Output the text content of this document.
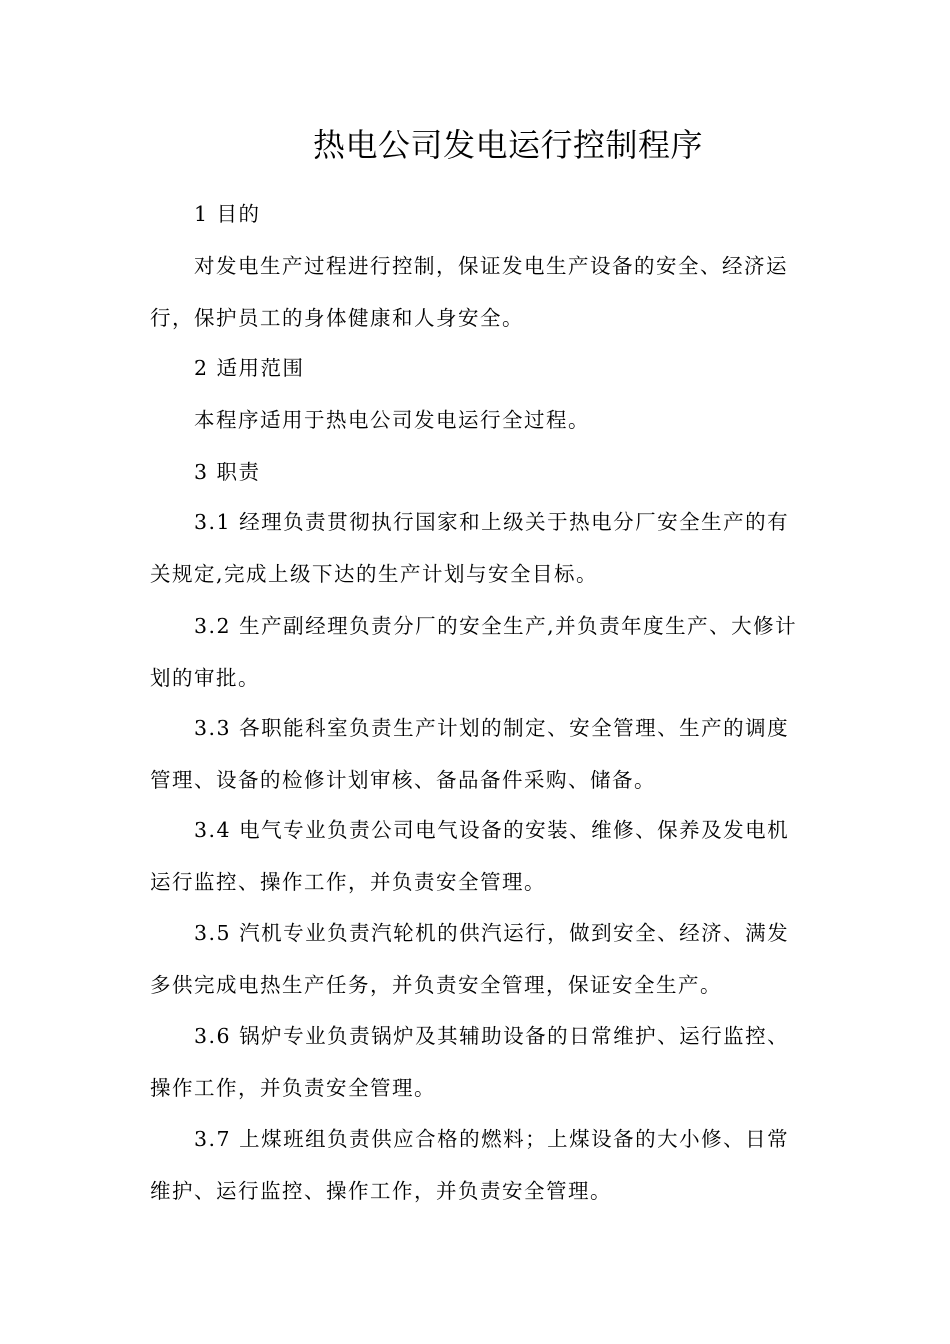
热电公司发电运行控制程序
1 目的
对发电生产过程进行控制，保证发电生产设备的安全、经济运
行，保护员工的身体健康和人身安全。
2 适用范围
本程序适用于热电公司发电运行全过程。
3 职责
3.1 经理负责贯彻执行国家和上级关于热电分厂安全生产的有
关规定,完成上级下达的生产计划与安全目标。
3.2 生产副经理负责分厂的安全生产,并负责年度生产、大修计
划的审批。
3.3 各职能科室负责生产计划的制定、安全管理、生产的调度
管理、设备的检修计划审核、备品备件采购、储备。
3.4 电气专业负责公司电气设备的安装、维修、保养及发电机
运行监控、操作工作，并负责安全管理。
3.5 汽机专业负责汽轮机的供汽运行，做到安全、经济、满发
多供完成电热生产任务，并负责安全管理，保证安全生产。
3.6 锅炉专业负责锅炉及其辅助设备的日常维护、运行监控、
操作工作，并负责安全管理。
3.7 上煤班组负责供应合格的燃料；上煤设备的大小修、日常
维护、运行监控、操作工作，并负责安全管理。
